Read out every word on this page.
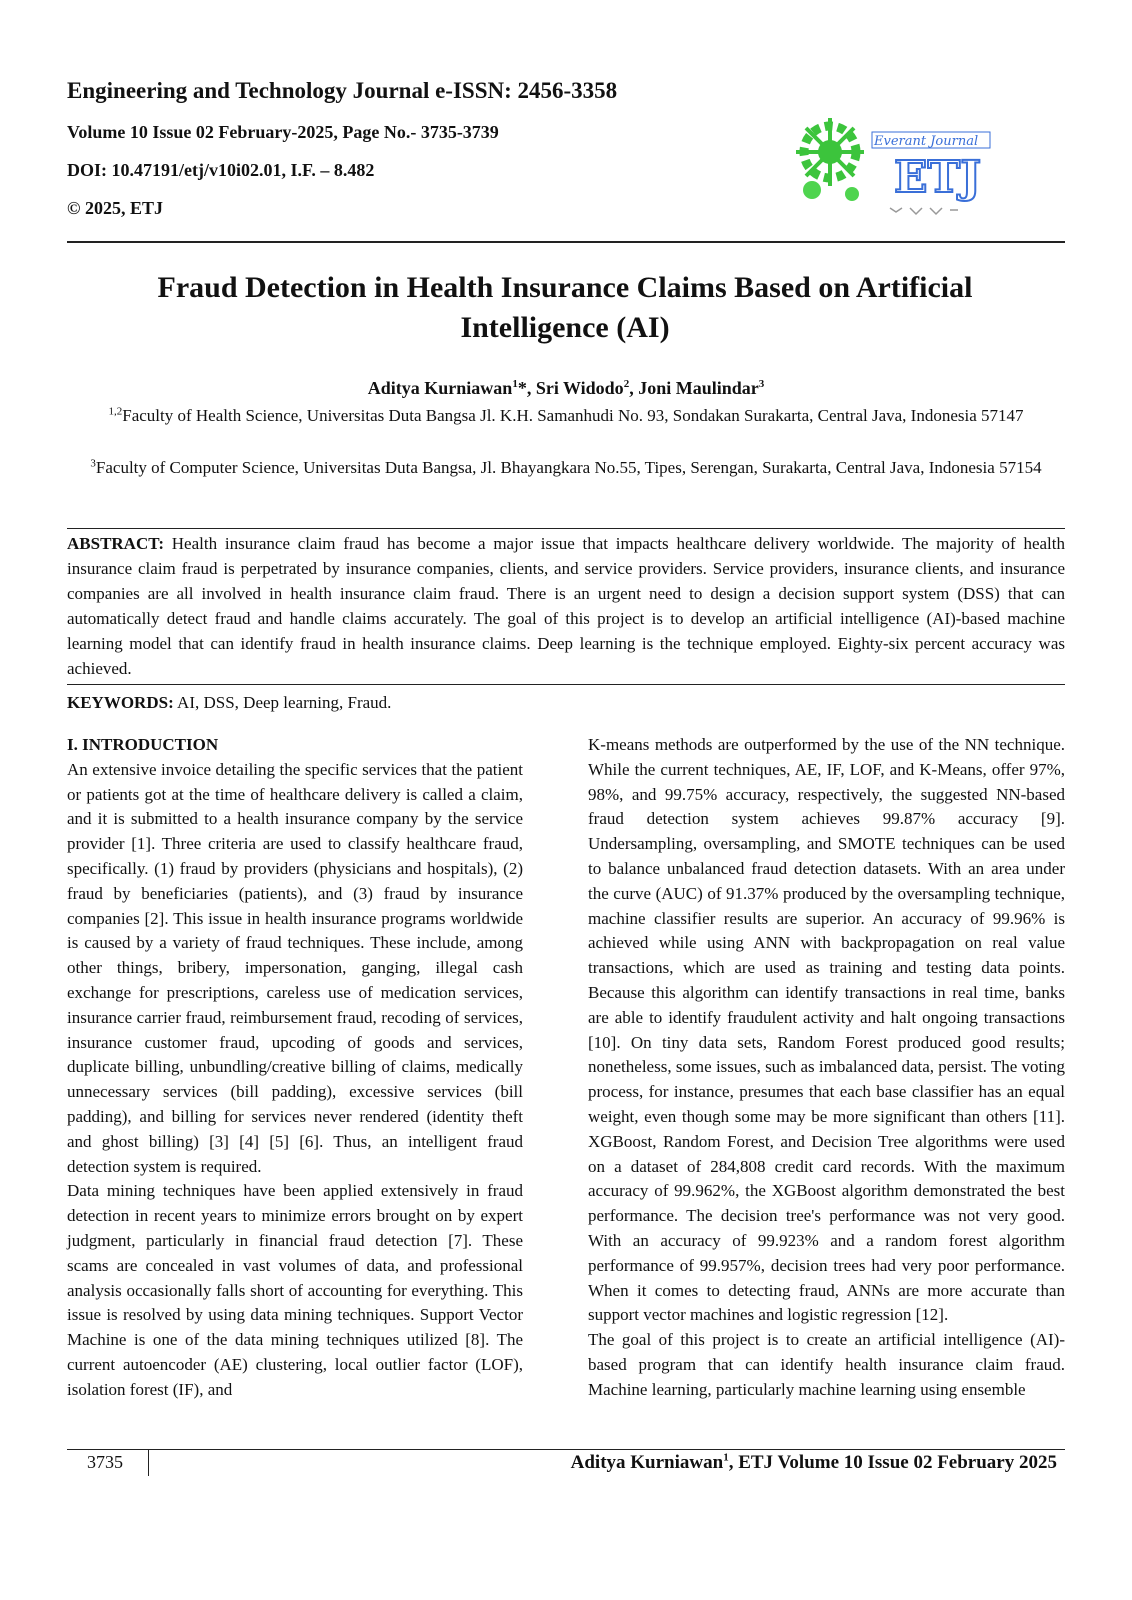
Engineering and Technology Journal e-ISSN: 2456-3358
Volume 10 Issue 02 February-2025, Page No.- 3735-3739
DOI: 10.47191/etj/v10i02.01, I.F. – 8.482
© 2025, ETJ
Everant Journal
ETJ
Fraud Detection in Health Insurance Claims Based on Artificial Intelligence (AI)
Aditya Kurniawan$^1$*, Sri Widodo$^2$, Joni Maulindar$^3$
$^{1,2}$Faculty of Health Science, Universitas Duta Bangsa Jl. K.H. Samanhudi No. 93, Sondakan Surakarta, Central Java, Indonesia 57147
$^3$Faculty of Computer Science, Universitas Duta Bangsa, Jl. Bhayangkara No.55, Tipes, Serengan, Surakarta, Central Java, Indonesia 57154

ABSTRACT: Health insurance claim fraud has become a major issue that impacts healthcare delivery worldwide. The majority of health insurance claim fraud is perpetrated by insurance companies, clients, and service providers. Service providers, insurance clients, and insurance companies are all involved in health insurance claim fraud. There is an urgent need to design a decision support system (DSS) that can automatically detect fraud and handle claims accurately. The goal of this project is to develop an artificial intelligence (AI)-based machine learning model that can identify fraud in health insurance claims. Deep learning is the technique employed. Eighty-six percent accuracy was achieved.

KEYWORDS: AI, DSS, Deep learning, Fraud.

I. INTRODUCTION

An extensive invoice detailing the specific services that the patient or patients got at the time of healthcare delivery is called a claim, and it is submitted to a health insurance company by the service provider [1]. Three criteria are used to classify healthcare fraud, specifically. (1) fraud by providers (physicians and hospitals), (2) fraud by beneficiaries (patients), and (3) fraud by insurance companies [2]. This issue in health insurance programs worldwide is caused by a variety of fraud techniques. These include, among other things, bribery, impersonation, ganging, illegal cash exchange for prescriptions, careless use of medication services, insurance carrier fraud, reimbursement fraud, recoding of services, insurance customer fraud, upcoding of goods and services, duplicate billing, unbundling/creative billing of claims, medically unnecessary services (bill padding), excessive services (bill padding), and billing for services never rendered (identity theft and ghost billing) [3] [4] [5] [6]. Thus, an intelligent fraud detection system is required.

Data mining techniques have been applied extensively in fraud detection in recent years to minimize errors brought on by expert judgment, particularly in financial fraud detection [7]. These scams are concealed in vast volumes of data, and professional analysis occasionally falls short of accounting for everything. This issue is resolved by using data mining techniques. Support Vector Machine is one of the data mining techniques utilized [8]. The current autoencoder (AE) clustering, local outlier factor (LOF), isolation forest (IF), and

K-means methods are outperformed by the use of the NN technique. While the current techniques, AE, IF, LOF, and K-Means, offer 97%, 98%, and 99.75% accuracy, respectively, the suggested NN-based fraud detection system achieves 99.87% accuracy [9]. Undersampling, oversampling, and SMOTE techniques can be used to balance unbalanced fraud detection datasets. With an area under the curve (AUC) of 91.37% produced by the oversampling technique, machine classifier results are superior. An accuracy of 99.96% is achieved while using ANN with backpropagation on real value transactions, which are used as training and testing data points. Because this algorithm can identify transactions in real time, banks are able to identify fraudulent activity and halt ongoing transactions [10]. On tiny data sets, Random Forest produced good results; nonetheless, some issues, such as imbalanced data, persist. The voting process, for instance, presumes that each base classifier has an equal weight, even though some may be more significant than others [11]. XGBoost, Random Forest, and Decision Tree algorithms were used on a dataset of 284,808 credit card records. With the maximum accuracy of 99.962%, the XGBoost algorithm demonstrated the best performance. The decision tree's performance was not very good. With an accuracy of 99.923% and a random forest algorithm performance of 99.957%, decision trees had very poor performance. When it comes to detecting fraud, ANNs are more accurate than support vector machines and logistic regression [12].

The goal of this project is to create an artificial intelligence (AI)-based program that can identify health insurance claim fraud. Machine learning, particularly machine learning using ensemble

3735	Aditya Kurniawan$^1$, ETJ Volume 10 Issue 02 February 2025
